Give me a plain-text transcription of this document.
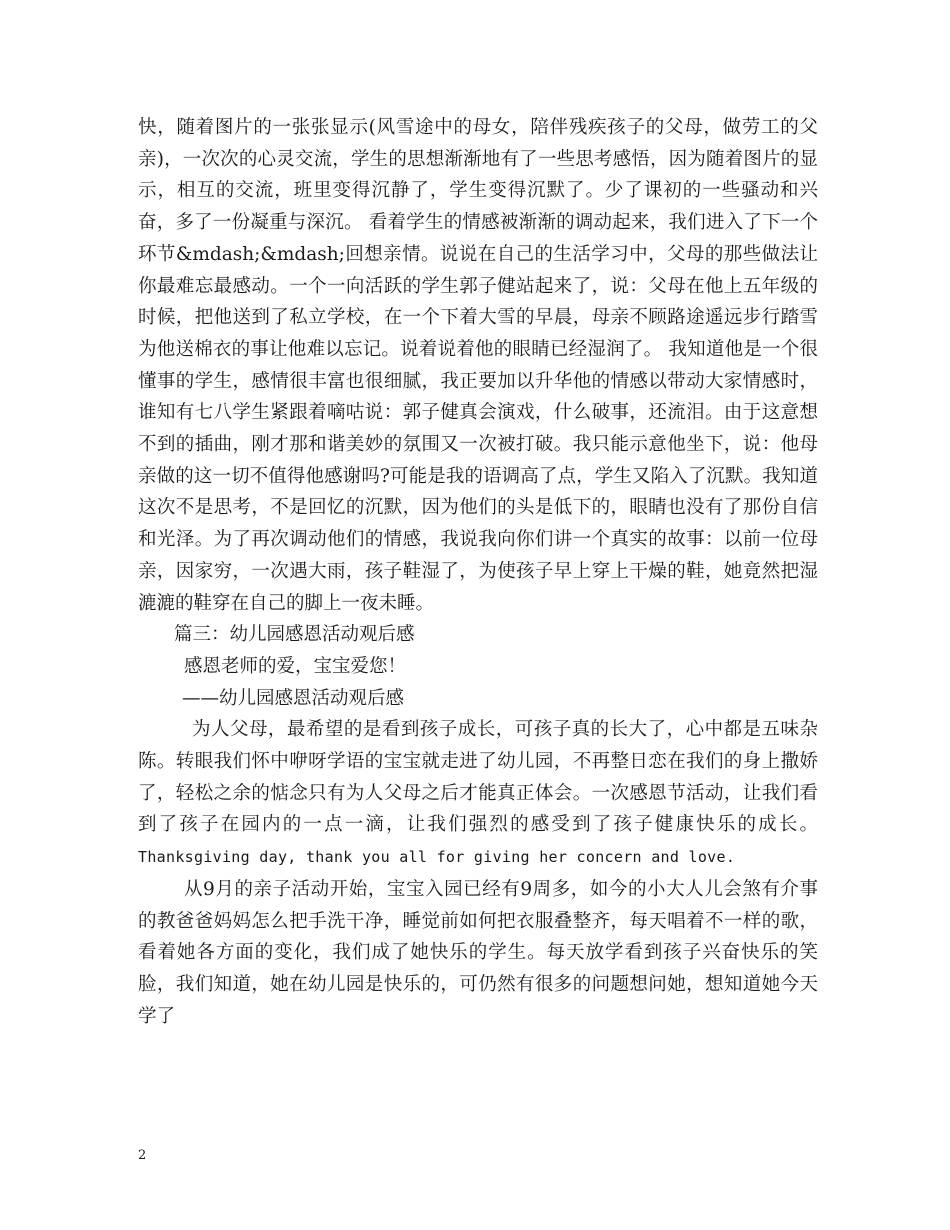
快，随着图片的一张张显示(风雪途中的母女，陪伴残疾孩子的父母，做劳工的父亲)，一次次的心灵交流，学生的思想渐渐地有了一些思考感悟，因为随着图片的显示，相互的交流，班里变得沉静了，学生变得沉默了。少了课初的一些骚动和兴奋，多了一份凝重与深沉。 看着学生的情感被渐渐的调动起来，我们进入了下一个环节&mdash;&mdash;回想亲情。说说在自己的生活学习中，父母的那些做法让你最难忘最感动。一个一向活跃的学生郭子健站起来了，说：父母在他上五年级的时候，把他送到了私立学校，在一个下着大雪的早晨，母亲不顾路途遥远步行踏雪为他送棉衣的事让他难以忘记。说着说着他的眼睛已经湿润了。 我知道他是一个很懂事的学生，感情很丰富也很细腻，我正要加以升华他的情感以带动大家情感时，谁知有七八学生紧跟着嘀咕说：郭子健真会演戏，什么破事，还流泪。由于这意想不到的插曲，刚才那和谐美妙的氛围又一次被打破。我只能示意他坐下，说：他母亲做的这一切不值得他感谢吗?可能是我的语调高了点，学生又陷入了沉默。我知道这次不是思考，不是回忆的沉默，因为他们的头是低下的，眼睛也没有了那份自信和光泽。为了再次调动他们的情感，我说我向你们讲一个真实的故事：以前一位母亲，因家穷，一次遇大雨，孩子鞋湿了，为使孩子早上穿上干燥的鞋，她竟然把湿漉漉的鞋穿在自己的脚上一夜未睡。

篇三：幼儿园感恩活动观后感

感恩老师的爱，宝宝爱您！

——幼儿园感恩活动观后感

为人父母，最希望的是看到孩子成长，可孩子真的长大了，心中都是五味杂陈。转眼我们怀中咿呀学语的宝宝就走进了幼儿园，不再整日恋在我们的身上撒娇了，轻松之余的惦念只有为人父母之后才能真正体会。一次感恩节活动，让我们看到了孩子在园内的一点一滴，让我们强烈的感受到了孩子健康快乐的成长。Thanksgiving day, thank you all for giving her concern and love.

从9月的亲子活动开始，宝宝入园已经有9周多，如今的小大人儿会煞有介事的教爸爸妈妈怎么把手洗干净，睡觉前如何把衣服叠整齐，每天唱着不一样的歌，看着她各方面的变化，我们成了她快乐的学生。每天放学看到孩子兴奋快乐的笑脸，我们知道，她在幼儿园是快乐的，可仍然有很多的问题想问她，想知道她今天学了

2
